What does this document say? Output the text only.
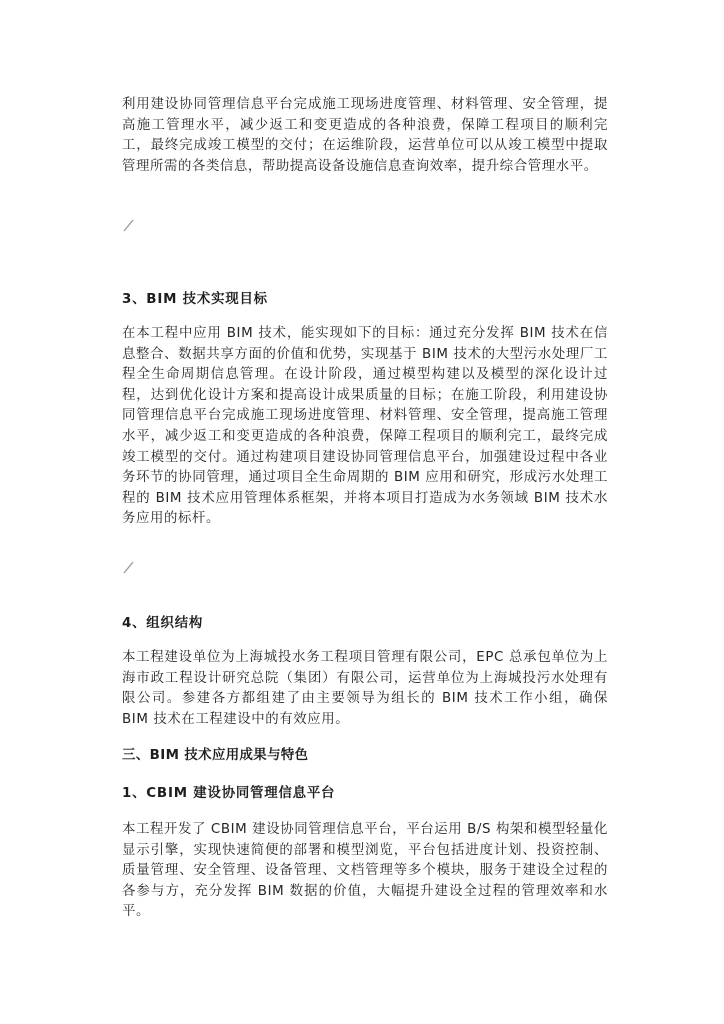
利用建设协同管理信息平台完成施工现场进度管理、材料管理、安全管理，提高施工管理水平，减少返工和变更造成的各种浪费，保障工程项目的顺利完工，最终完成竣工模型的交付；在运维阶段，运营单位可以从竣工模型中提取管理所需的各类信息，帮助提高设备设施信息查询效率，提升综合管理水平。

3、BIM 技术实现目标

在本工程中应用 BIM 技术，能实现如下的目标：通过充分发挥 BIM 技术在信息整合、数据共享方面的价值和优势，实现基于 BIM 技术的大型污水处理厂工程全生命周期信息管理。在设计阶段，通过模型构建以及模型的深化设计过程，达到优化设计方案和提高设计成果质量的目标；在施工阶段，利用建设协同管理信息平台完成施工现场进度管理、材料管理、安全管理，提高施工管理水平，减少返工和变更造成的各种浪费，保障工程项目的顺利完工，最终完成竣工模型的交付。通过构建项目建设协同管理信息平台，加强建设过程中各业务环节的协同管理，通过项目全生命周期的 BIM 应用和研究，形成污水处理工程的 BIM 技术应用管理体系框架，并将本项目打造成为水务领域 BIM 技术水务应用的标杆。

4、组织结构

本工程建设单位为上海城投水务工程项目管理有限公司，EPC 总承包单位为上海市政工程设计研究总院（集团）有限公司，运营单位为上海城投污水处理有限公司。参建各方都组建了由主要领导为组长的 BIM 技术工作小组，确保 BIM 技术在工程建设中的有效应用。

三、BIM 技术应用成果与特色
1、CBIM 建设协同管理信息平台

本工程开发了 CBIM 建设协同管理信息平台，平台运用 B/S 构架和模型轻量化显示引擎，实现快速简便的部署和模型浏览，平台包括进度计划、投资控制、质量管理、安全管理、设备管理、文档管理等多个模块，服务于建设全过程的各参与方，充分发挥 BIM 数据的价值，大幅提升建设全过程的管理效率和水平。
